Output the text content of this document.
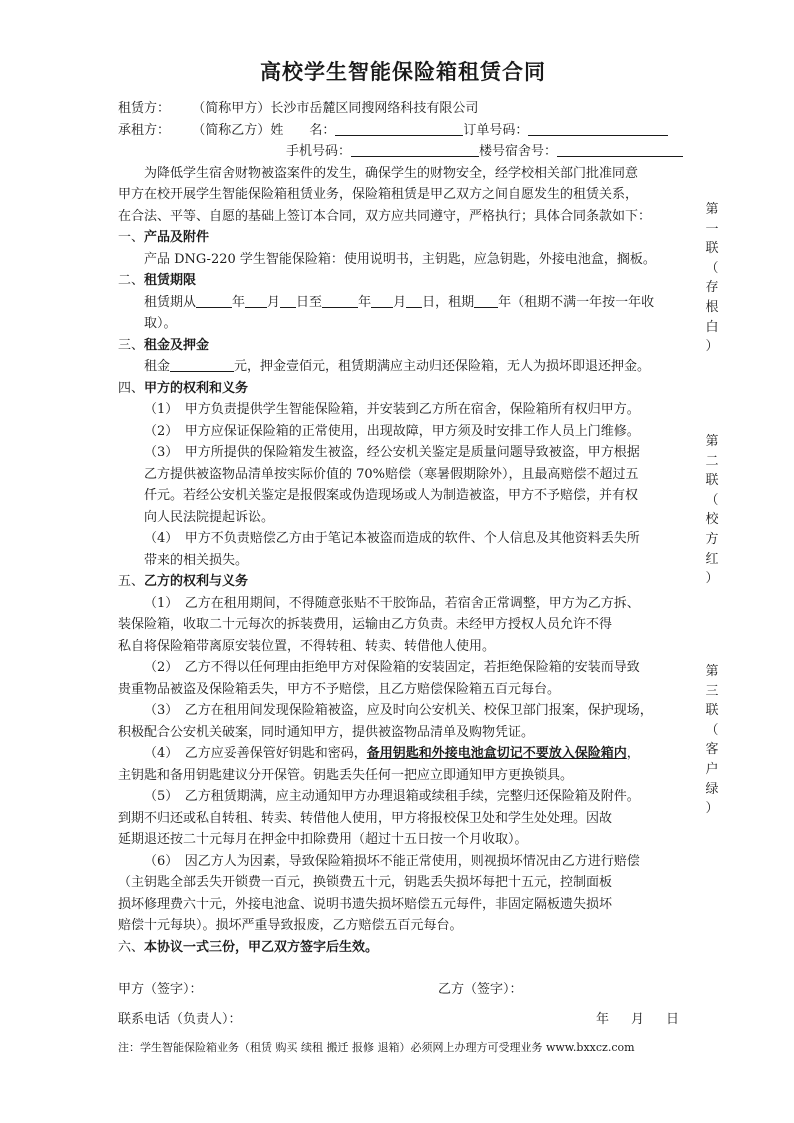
高校学生智能保险箱租赁合同
租赁方： （简称甲方）长沙市岳麓区同搜网络科技有限公司
承租方： （简称乙方）姓　　名：	订单号码：
手机号码：	楼号宿舍号：
为降低学生宿舍财物被盗案件的发生，确保学生的财物安全，经学校相关部门批准同意
甲方在校开展学生智能保险箱租赁业务，保险箱租赁是甲乙双方之间自愿发生的租赁关系，
在合法、平等、自愿的基础上签订本合同，双方应共同遵守，严格执行；具体合同条款如下：
一、产品及附件
产品 DNG-220 学生智能保险箱：使用说明书，主钥匙，应急钥匙，外接电池盒，搁板。
二、租赁期限
租赁期从	年 月 日至	年 月 日，租期 年（租期不满一年按一年收
取）。
三、租金及押金
租金	元，押金壹佰元，租赁期满应主动归还保险箱，无人为损坏即退还押金。
四、甲方的权利和义务
（1）　甲方负责提供学生智能保险箱，并安装到乙方所在宿舍，保险箱所有权归甲方。
（2）　甲方应保证保险箱的正常使用，出现故障，甲方须及时安排工作人员上门维修。
（3）　甲方所提供的保险箱发生被盗，经公安机关鉴定是质量问题导致被盗，甲方根据
乙方提供被盗物品清单按实际价值的 70%赔偿（寒暑假期除外），且最高赔偿不超过五
仟元。若经公安机关鉴定是报假案或伪造现场或人为制造被盗，甲方不予赔偿，并有权
向人民法院提起诉讼。
（4）　甲方不负责赔偿乙方由于笔记本被盗而造成的软件、个人信息及其他资料丢失所
带来的相关损失。
五、乙方的权利与义务
（1）　乙方在租用期间，不得随意张贴不干胶饰品，若宿舍正常调整，甲方为乙方拆、
装保险箱，收取二十元每次的拆装费用，运输由乙方负责。未经甲方授权人员允许不得
私自将保险箱带离原安装位置，不得转租、转卖、转借他人使用。
（2）　乙方不得以任何理由拒绝甲方对保险箱的安装固定，若拒绝保险箱的安装而导致
贵重物品被盗及保险箱丢失，甲方不予赔偿，且乙方赔偿保险箱五百元每台。
（3）　乙方在租用间发现保险箱被盗，应及时向公安机关、校保卫部门报案，保护现场，
积极配合公安机关破案，同时通知甲方，提供被盗物品清单及购物凭证。
（4）　乙方应妥善保管好钥匙和密码，备用钥匙和外接电池盒切记不要放入保险箱内，
主钥匙和备用钥匙建议分开保管。钥匙丢失任何一把应立即通知甲方更换锁具。
（5）　乙方租赁期满，应主动通知甲方办理退箱或续租手续，完整归还保险箱及附件。
到期不归还或私自转租、转卖、转借他人使用，甲方将报校保卫处和学生处处理。因故
延期退还按二十元每月在押金中扣除费用（超过十五日按一个月收取）。
（6）　因乙方人为因素，导致保险箱损坏不能正常使用，则视损坏情况由乙方进行赔偿
（主钥匙全部丢失开锁费一百元，换锁费五十元，钥匙丢失损坏每把十五元，控制面板
损坏修理费六十元，外接电池盒、说明书遗失损坏赔偿五元每件，非固定隔板遗失损坏
赔偿十元每块）。损坏严重导致报废，乙方赔偿五百元每台。
六、本协议一式三份，甲乙双方签字后生效。
甲方（签字）：	乙方（签字）：
联系电话（负责人）：	年 月 日
第
一
联
（
存
根
白
）
第
二
联
（
校
方
红
）
第
三
联
（
客
户
绿
）
注：学生智能保险箱业务（租赁 购买 续租 搬迁 报修 退箱）必须网上办理方可受理业务 www.bxxcz.com
